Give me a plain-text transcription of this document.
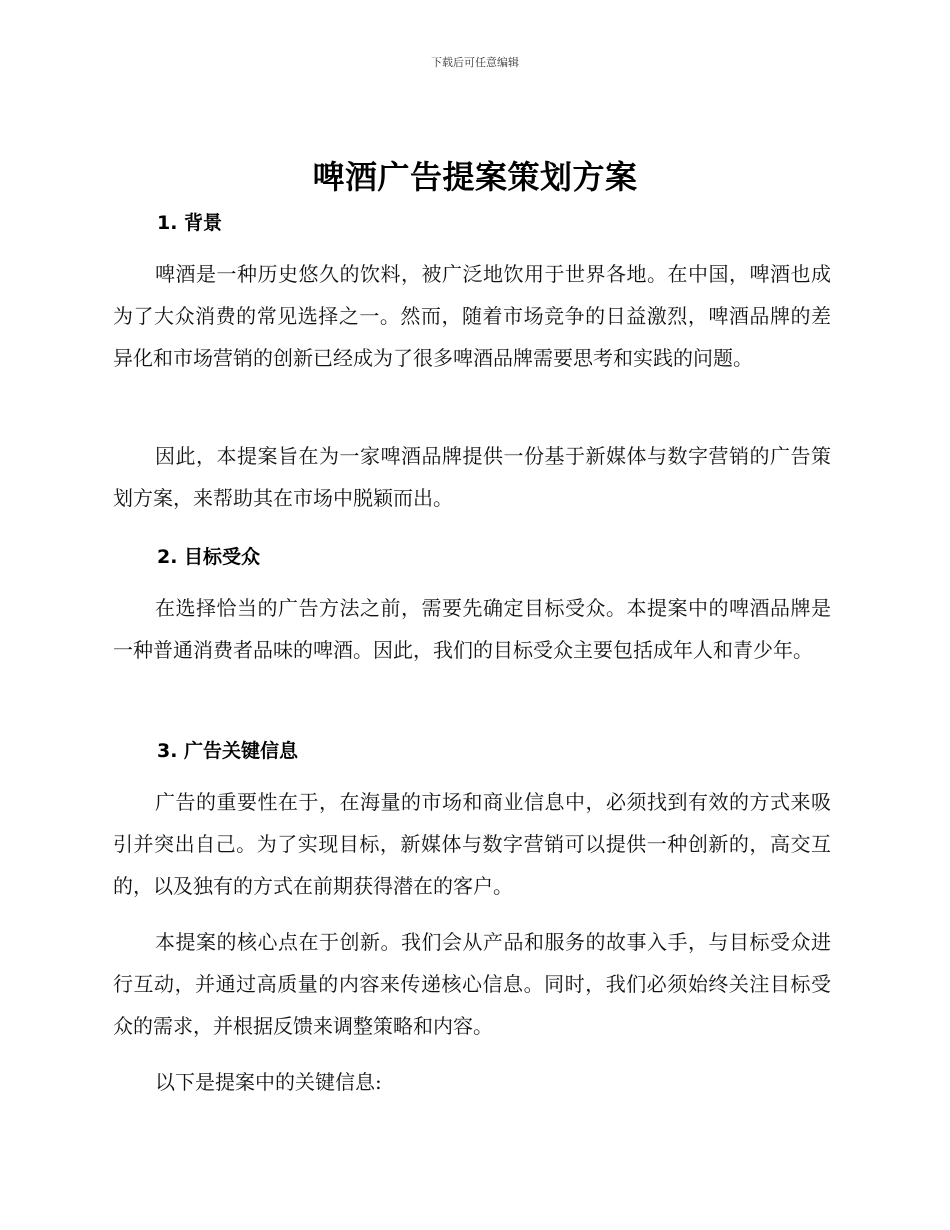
下载后可任意编辑
啤酒广告提案策划方案
1. 背景

啤酒是一种历史悠久的饮料，被广泛地饮用于世界各地。在中国，啤酒也成为了大众消费的常见选择之一。然而，随着市场竞争的日益激烈，啤酒品牌的差异化和市场营销的创新已经成为了很多啤酒品牌需要思考和实践的问题。

因此，本提案旨在为一家啤酒品牌提供一份基于新媒体与数字营销的广告策划方案，来帮助其在市场中脱颖而出。

2. 目标受众

在选择恰当的广告方法之前，需要先确定目标受众。本提案中的啤酒品牌是一种普通消费者品味的啤酒。因此，我们的目标受众主要包括成年人和青少年。

3. 广告关键信息

广告的重要性在于，在海量的市场和商业信息中，必须找到有效的方式来吸引并突出自己。为了实现目标，新媒体与数字营销可以提供一种创新的，高交互的，以及独有的方式在前期获得潜在的客户。

本提案的核心点在于创新。我们会从产品和服务的故事入手，与目标受众进行互动，并通过高质量的内容来传递核心信息。同时，我们必须始终关注目标受众的需求，并根据反馈来调整策略和内容。

以下是提案中的关键信息:
